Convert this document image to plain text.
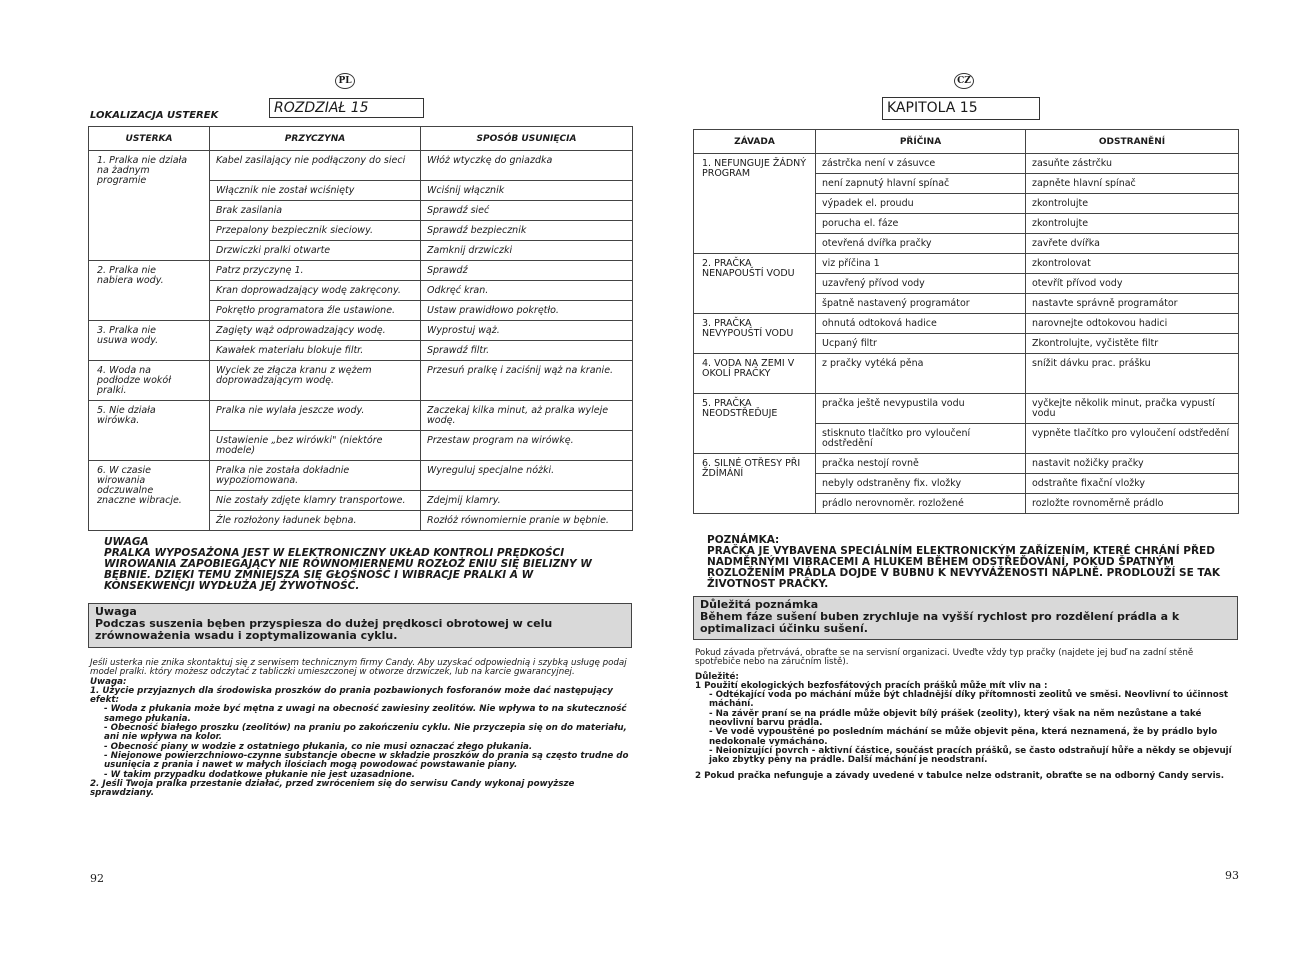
PL
ROZDZIAŁ 15
LOKALIZACJA USTEREK
USTERKA	PRZYCZYNA	SPOSÓB USUNIĘCIA
1. Pralka nie działa na żadnym programie	Kabel zasilający nie podłączony do sieci	Włóż wtyczkę do gniazdka
	Włącznik nie został wciśnięty	Wciśnij włącznik
	Brak zasilania	Sprawdź sieć
	Przepalony bezpiecznik sieciowy.	Sprawdź bezpiecznik
	Drzwiczki pralki otwarte	Zamknij drzwiczki
2. Pralka nie nabiera wody.	Patrz przyczynę 1.	Sprawdź
	Kran doprowadzający wodę zakręcony.	Odkręć kran.
	Pokrętło programatora źle ustawione.	Ustaw prawidłowo pokrętło.
3. Pralka nie usuwa wody.	Zagięty wąż odprowadzający wodę.	Wyprostuj wąż.
	Kawałek materiału blokuje filtr.	Sprawdź filtr.
4. Woda na podłodze wokół pralki.	Wyciek ze złącza kranu z wężem doprowadzającym wodę.	Przesuń pralkę i zaciśnij wąż na kranie.
5. Nie działa wirówka.	Pralka nie wylała jeszcze wody.	Zaczekaj kilka minut, aż pralka wyleje wodę.
	Ustawienie „bez wirówki" (niektóre modele)	Przestaw program na wirówkę.
6. W czasie wirowania odczuwalne znaczne wibracje.	Pralka nie została dokładnie wypoziomowana.	Wyreguluj specjalne nóżki.
	Nie zostały zdjęte klamry transportowe.	Zdejmij klamry.
	Źle rozłożony ładunek bębna.	Rozłóż równomiernie pranie w bębnie.
UWAGA
PRALKA WYPOSAŻONA JEST W ELEKTRONICZNY UKŁAD KONTROLI PRĘDKOŚCI WIROWANIA ZAPOBIEGAJĄCY NIE RÓWNOMIERNEMU ROZŁOŻ ENIU SIĘ BIELIZNY W BĘBNIE. DZIĘKI TEMU ZMNIEJSZA SIĘ GŁOŚNOŚĆ I WIBRACJE PRALKI A W KONSEKWENCJI WYDŁUŻA JEJ ŻYWOTNOŚĆ.
Uwaga
Podczas suszenia bęben przyspiesza do dużej prędkosci obrotowej w celu zrównoważenia wsadu i zoptymalizowania cyklu.
Jeśli usterka nie znika skontaktuj się z serwisem technicznym firmy Candy. Aby uzyskać odpowiednią i szybką usługę podaj model pralki. który możesz odczytać z tabliczki umieszczonej w otworze drzwiczek, lub na karcie gwarancyjnej.
Uwaga:
1. Użycie przyjaznych dla środowiska proszków do prania pozbawionych fosforanów może dać następujący efekt:
- Woda z płukania może być mętna z uwagi na obecność zawiesiny zeolitów. Nie wpływa to na skuteczność samego płukania.
- Obecność białego proszku (zeolitów) na praniu po zakończeniu cyklu. Nie przyczepia się on do materiału, ani nie wpływa na kolor.
- Obecność piany w wodzie z ostatniego płukania, co nie musi oznaczać złego płukania.
- Niejonowe powierzchniowo-czynne substancje obecne w składzie proszków do prania są często trudne do usunięcia z prania i nawet w małych ilościach mogą powodować powstawanie piany.
- W takim przypadku dodatkowe płukanie nie jest uzasadnione.
2. Jeśli Twoja pralka przestanie działać, przed zwróceniem się do serwisu Candy wykonaj powyższe sprawdziany.
92
CZ
KAPITOLA 15
ZÁVADA	PŘÍČINA	ODSTRANĚNÍ
1. NEFUNGUJE ŽÁDNÝ PROGRAM	zástrčka není v zásuvce	zasuňte zástrčku
	není zapnutý hlavní spínač	zapněte hlavní spínač
	výpadek el. proudu	zkontrolujte
	porucha el. fáze	zkontrolujte
	otevřená dvířka pračky	zavřete dvířka
2. PRAČKA NENAPOUŠTÍ VODU	viz příčina 1	zkontrolovat
	uzavřený přívod vody	otevřít přívod vody
	špatně nastavený programátor	nastavte správně programátor
3. PRAČKA NEVYPOUŠTÍ VODU	ohnutá odtoková hadice	narovnejte odtokovou hadici
	Ucpaný filtr	Zkontrolujte, vyčistěte filtr
4. VODA NA ZEMI V OKOLÍ PRAČKY	z pračky vytéká pěna	snížit dávku prac. prášku
5. PRAČKA NEODSTŘEĎUJE	pračka ještě nevypustila vodu	vyčkejte několik minut, pračka vypustí vodu
	stisknuto tlačítko pro vyloučení odstředění	vypněte tlačítko pro vyloučení odstředění
6. SILNÉ OTŘESY PŘI ŽDÍMÁNÍ	pračka nestojí rovně	nastavit nožičky pračky
	nebyly odstraněny fix. vložky	odstraňte fixační vložky
	prádlo nerovnoměr. rozložené	rozložte rovnoměrně prádlo
POZNÁMKA:
PRAČKA JE VYBAVENA SPECIÁLNÍM ELEKTRONICKÝM ZAŘÍZENÍM, KTERÉ CHRÁNÍ PŘED NADMĚRNÝMI VIBRACEMI A HLUKEM BĚHEM ODSTŘEĎOVÁNÍ, POKUD ŠPATNÝM ROZLOŽENÍM PRÁDLA DOJDE V BUBNU K NEVYVÁŽENOSTI NÁPLNĚ. PRODLOUŽÍ SE TAK ŽIVOTNOST PRAČKY.
Důležitá poznámka
Během fáze sušení buben zrychluje na vyšší rychlost pro rozdělení prádla a k optimalizaci účinku sušení.
Pokud závada přetrvává, obraťte se na servisní organizaci. Uveďte vždy typ pračky (najdete jej buď na zadní stěně spotřebiče nebo na záručním listě).
Důležité:
1 Použití ekologických bezfosfátových pracích prášků může mít vliv na :
- Odtékající voda po máchání může být chladnější díky přítomnosti zeolitů ve směsi. Neovlivní to účinnost máchání.
- Na závěr praní se na prádle může objevit bílý prášek (zeolity), který však na něm nezůstane a také neovlivní barvu prádla.
- Ve vodě vypouštěné po posledním máchání se může objevit pěna, která neznamená, že by prádlo bylo nedokonale vymácháno.
- Neionizující povrch - aktivní částice, součást pracích prášků, se často odstraňují hůře a někdy se objevují jako zbytky pěny na prádle. Další máchání je neodstraní.
2 Pokud pračka nefunguje a závady uvedené v tabulce nelze odstranit, obraťte se na odborný Candy servis.
93
